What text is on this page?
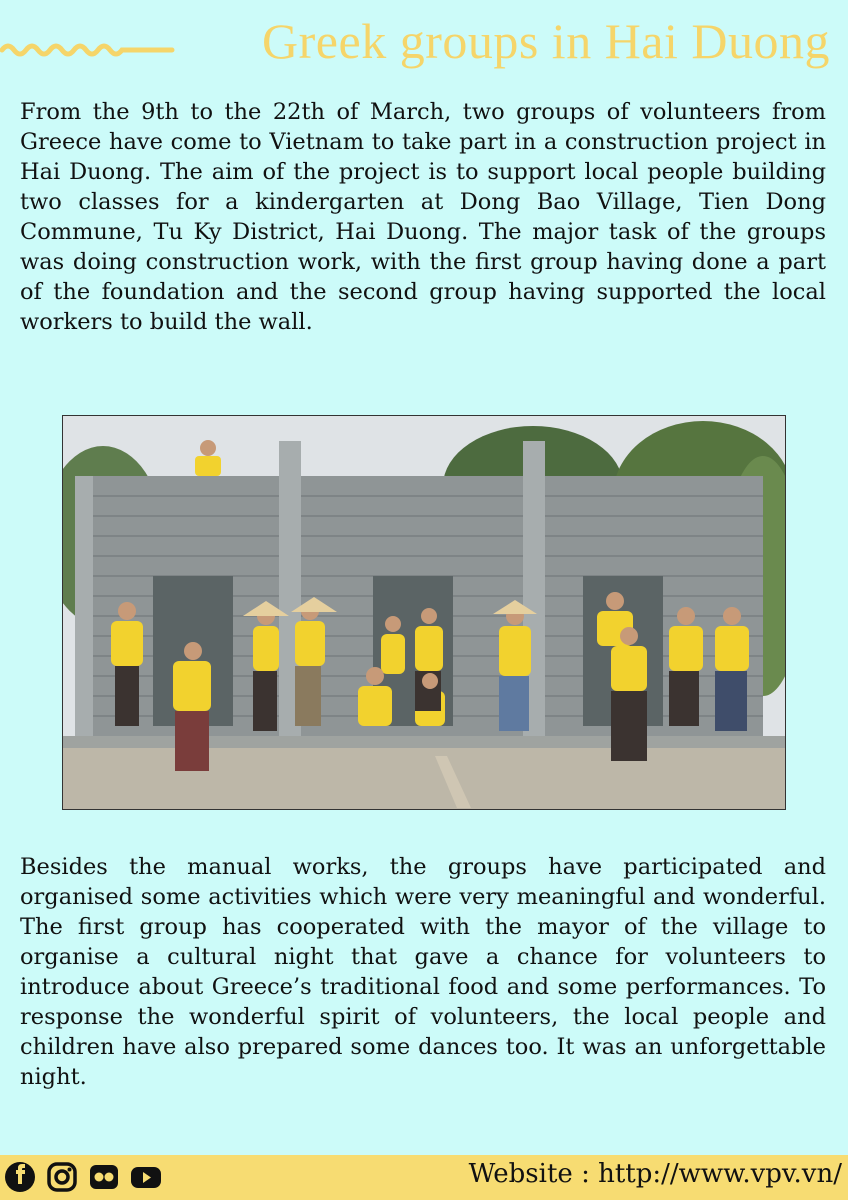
Greek groups in Hai Duong

From the 9th to the 22th of March, two groups of volunteers from Greece have come to Vietnam to take part in a construction project in Hai Duong. The aim of the project is to support local people building two classes for a kindergarten at Dong Bao Village, Tien Dong Commune, Tu Ky District, Hai Duong. The major task of the groups was doing construction work, with the first group having done a part of the foundation and the second group having supported the local workers to build the wall.

Besides the manual works, the groups have participated and organised some activities which were very meaningful and wonderful. The first group has cooperated with the mayor of the village to organise a cultural night that gave a chance for volunteers to introduce about Greece’s traditional food and some performances. To response the wonderful spirit of volunteers, the local people and children have also prepared some dances too. It was an unforgettable night.

Website : http://www.vpv.vn/
